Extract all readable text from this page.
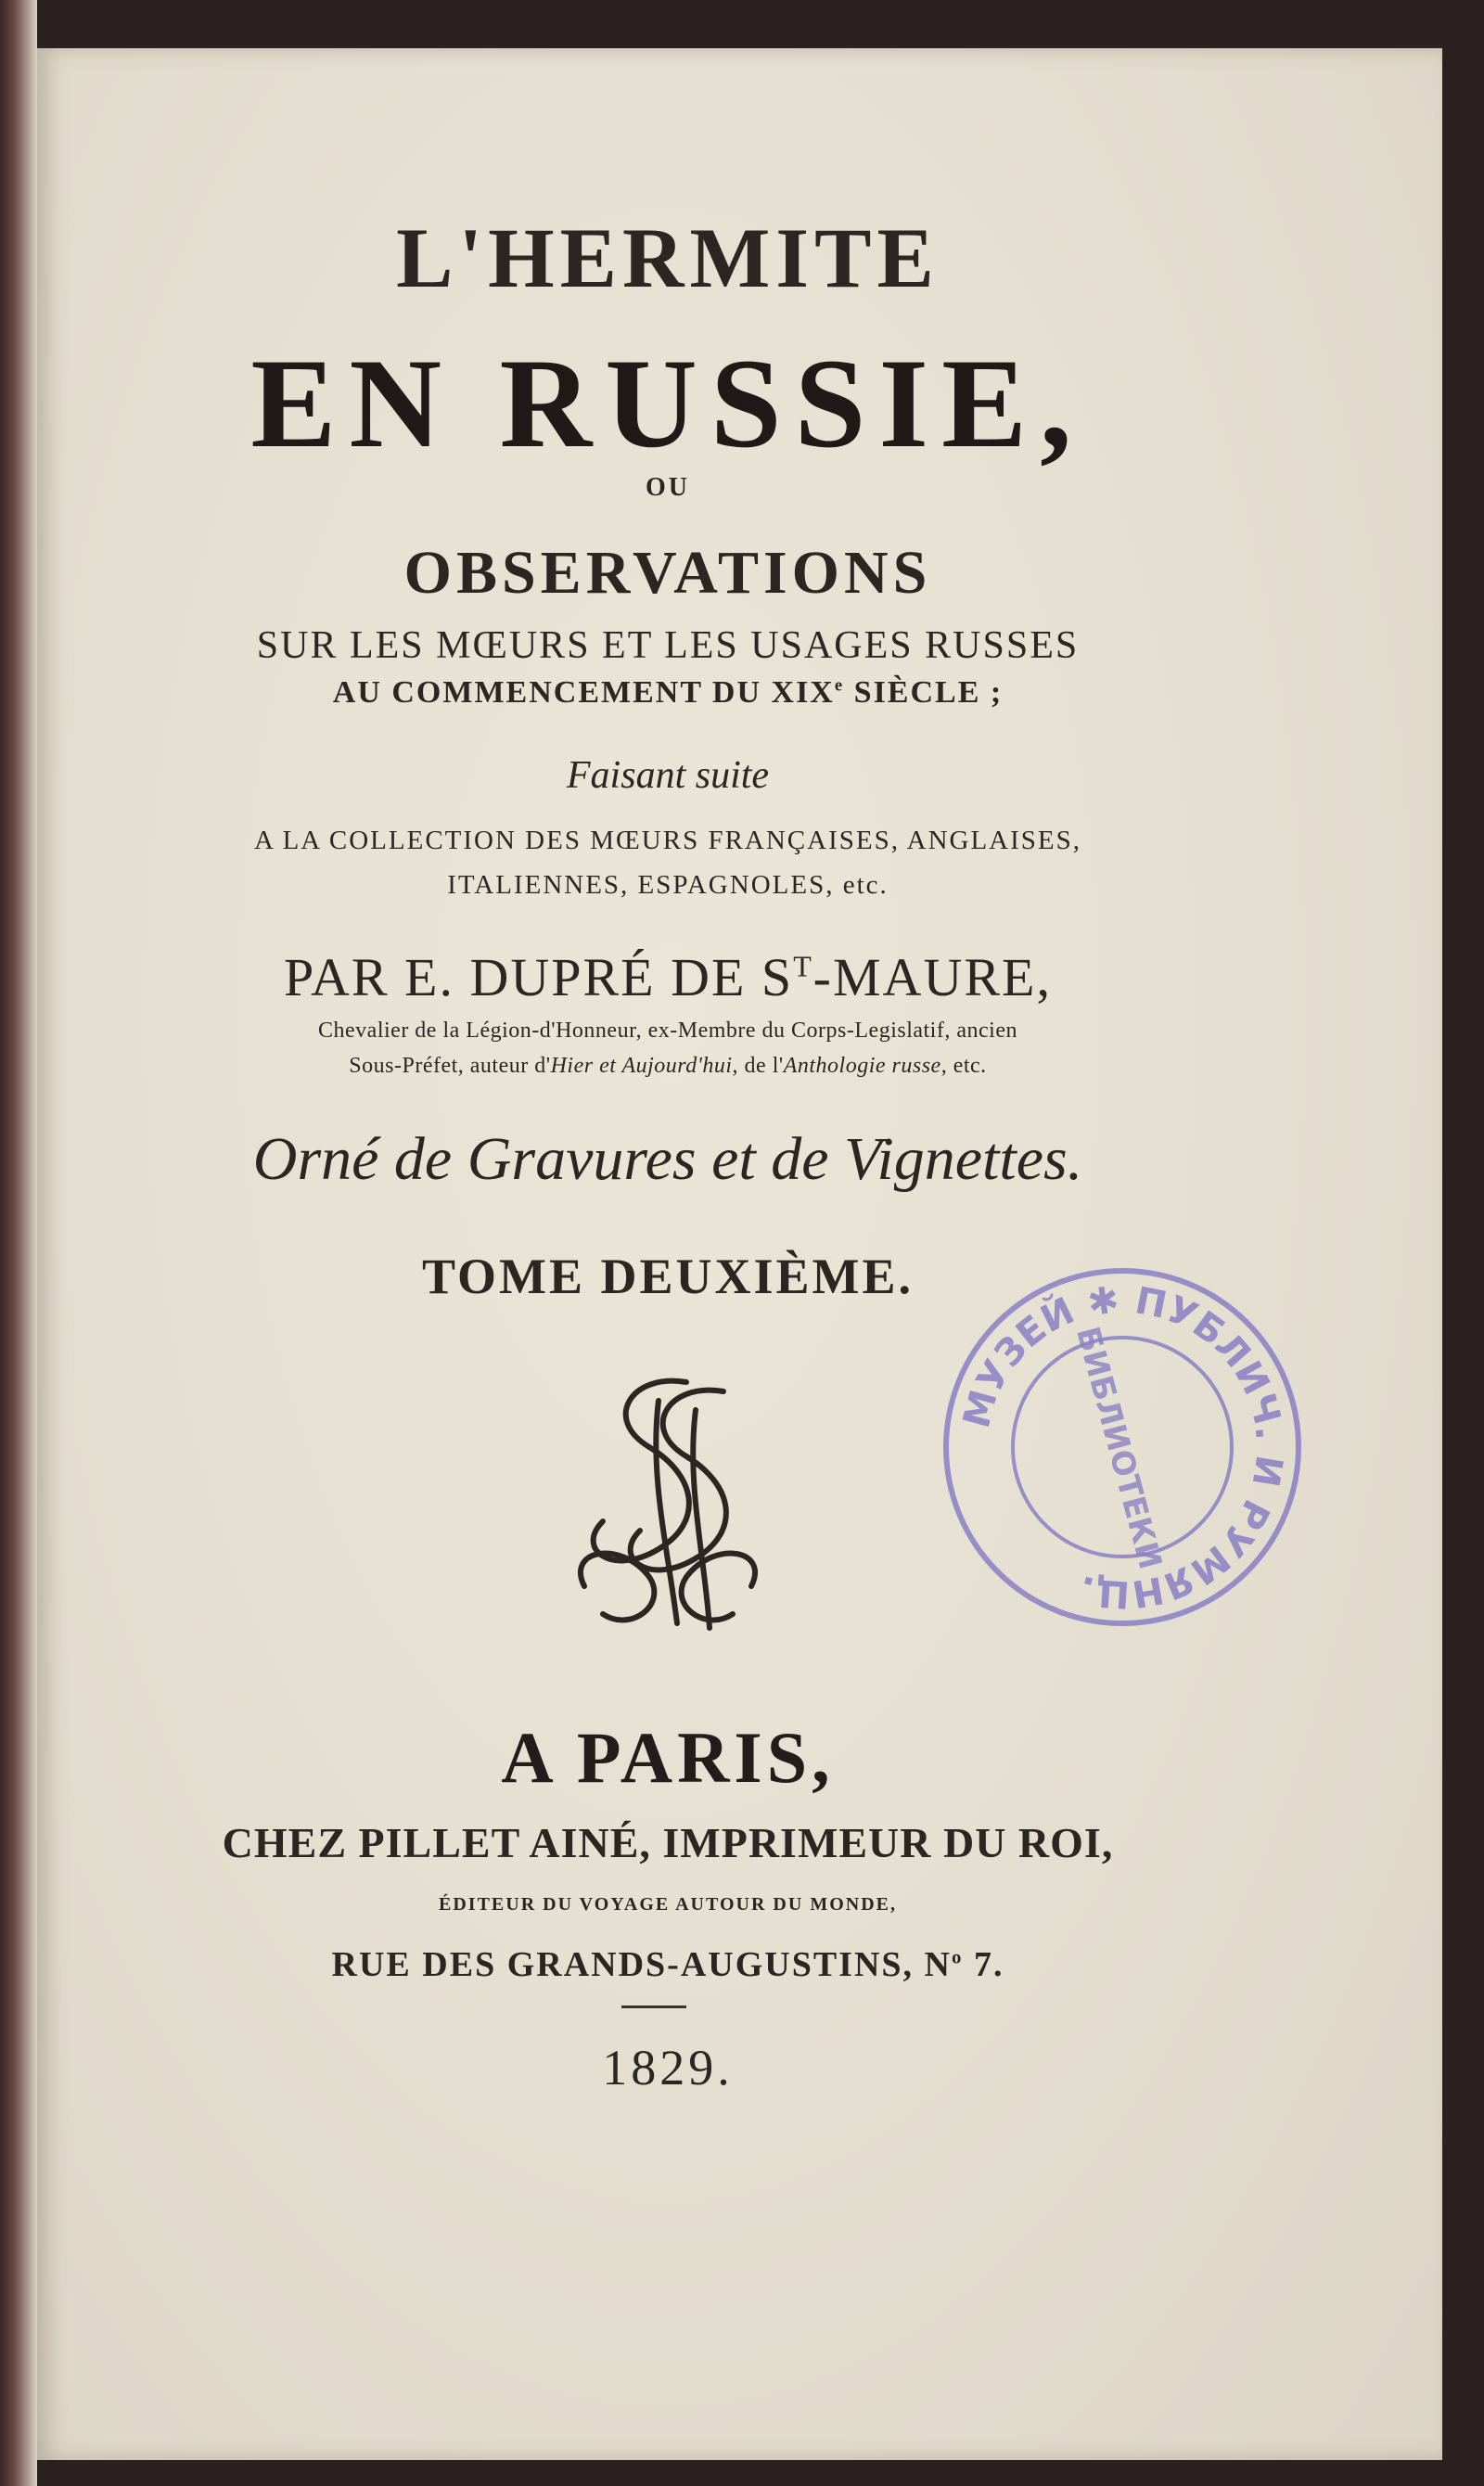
L'HERMITE
EN RUSSIE,
OU
OBSERVATIONS
SUR LES MŒURS ET LES USAGES RUSSES
AU COMMENCEMENT DU XIXe SIÈCLE ;
Faisant suite
A LA COLLECTION DES MŒURS FRANÇAISES, ANGLAISES,
ITALIENNES, ESPAGNOLES, etc.
PAR E. DUPRÉ DE $S^T$-MAURE,
Chevalier de la Légion-d'Honneur, ex-Membre du Corps-Legislatif, ancien
Sous-Préfet, auteur d'Hier et Aujourd'hui, de l'Anthologie russe, etc.
Orné de Gravures et de Vignettes.
TOME DEUXIÈME.
МУЗЕЙ ✱ ПУБЛИЧ. И РУМЯНЦ.
БИБЛИОТЕКИ
A PARIS,
CHEZ PILLET AINÉ, IMPRIMEUR DU ROI,
ÉDITEUR DU VOYAGE AUTOUR DU MONDE,
RUE DES GRANDS-AUGUSTINS, $N^o$ 7.
1829.
